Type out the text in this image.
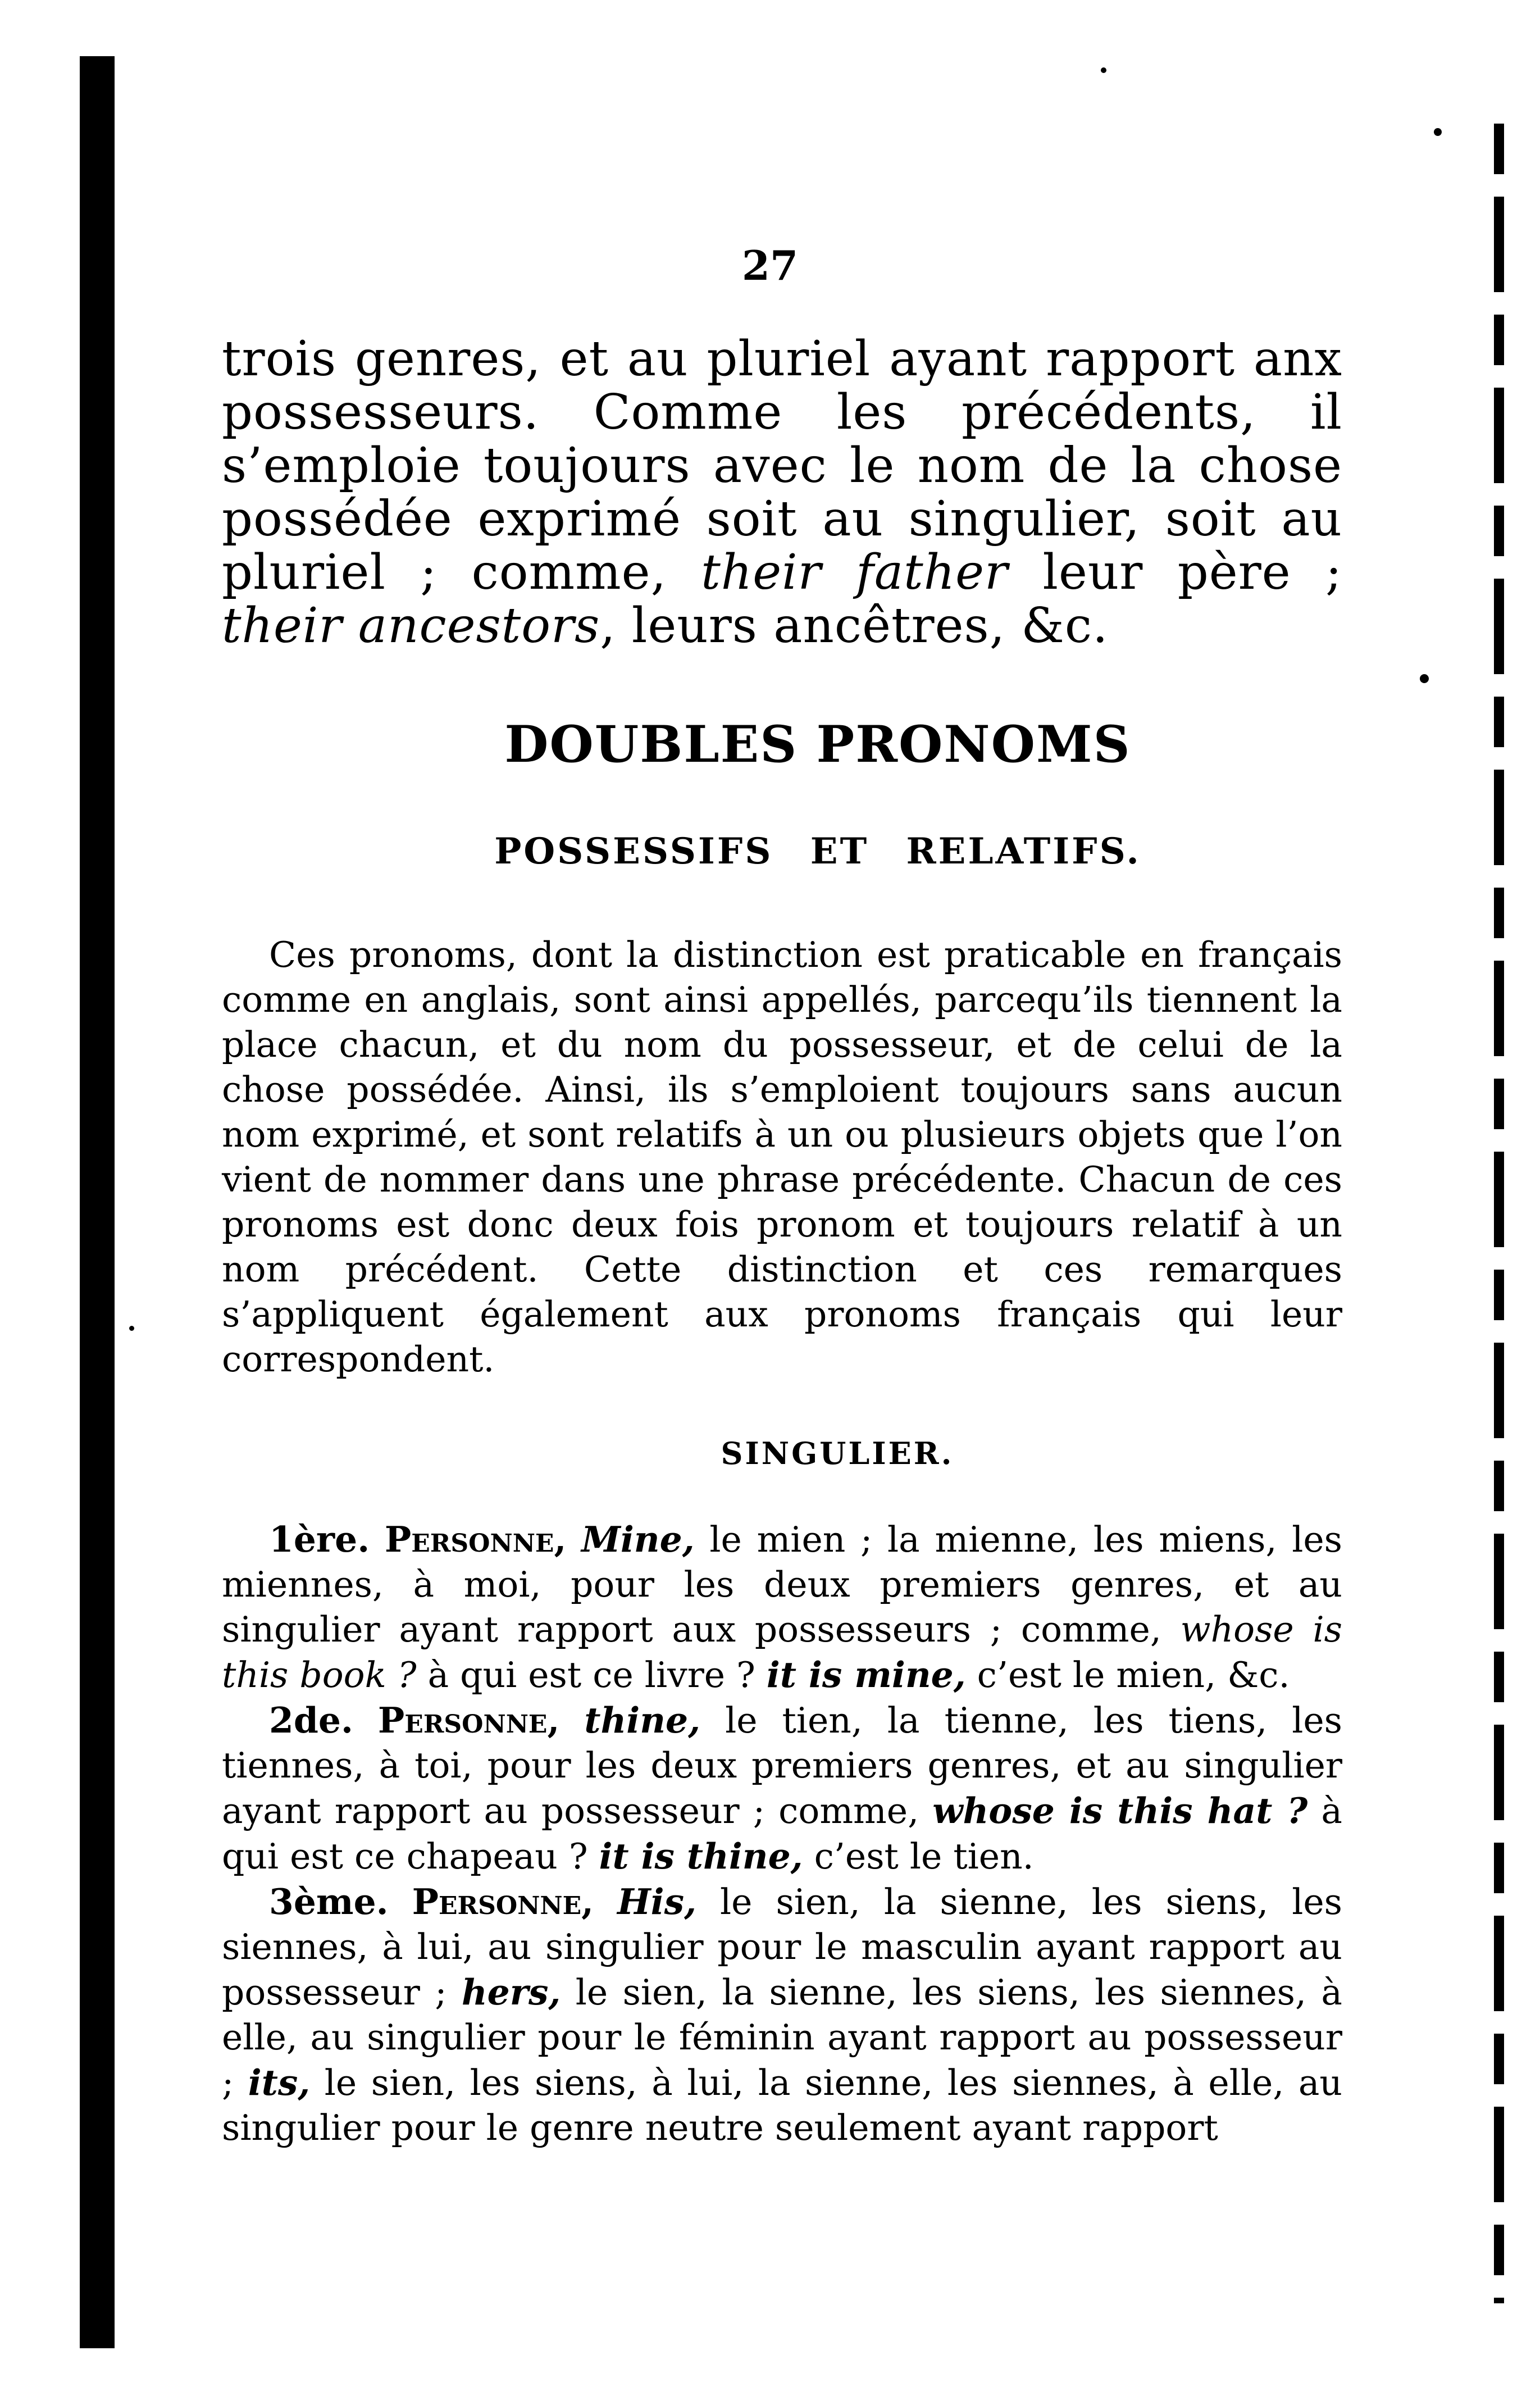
27
trois genres, et au pluriel ayant rapport anx possesseurs. Comme les précédents, il s’emploie toujours avec le nom de la chose possédée exprimé soit au singulier, soit au pluriel ; comme, their father leur père ; their ancestors, leurs ancêtres, &c.
DOUBLES PRONOMS
POSSESSIFS ET RELATIFS.
Ces pronoms, dont la distinction est praticable en français comme en anglais, sont ainsi appellés, parcequ’ils tiennent la place chacun, et du nom du possesseur, et de celui de la chose possédée. Ainsi, ils s’emploient toujours sans aucun nom exprimé, et sont relatifs à un ou plusieurs objets que l’on vient de nommer dans une phrase précédente. Chacun de ces pronoms est donc deux fois pronom et toujours relatif à un nom précédent. Cette distinction et ces remarques s’appliquent également aux pronoms français qui leur correspondent.
SINGULIER.
1ère. Personne, Mine, le mien ; la mienne, les miens, les miennes, à moi, pour les deux premiers genres, et au singulier ayant rapport aux possesseurs ; comme, whose is this book ? à qui est ce livre ? it is mine, c’est le mien, &c.
2de. Personne, thine, le tien, la tienne, les tiens, les tiennes, à toi, pour les deux premiers genres, et au singulier ayant rapport au possesseur ; comme, whose is this hat ? à qui est ce chapeau ? it is thine, c’est le tien.
3ème. Personne, His, le sien, la sienne, les siens, les siennes, à lui, au singulier pour le masculin ayant rapport au possesseur ; hers, le sien, la sienne, les siens, les siennes, à elle, au singulier pour le féminin ayant rapport au possesseur ; its, le sien, les siens, à lui, la sienne, les siennes, à elle, au singulier pour le genre neutre seulement ayant rapport
